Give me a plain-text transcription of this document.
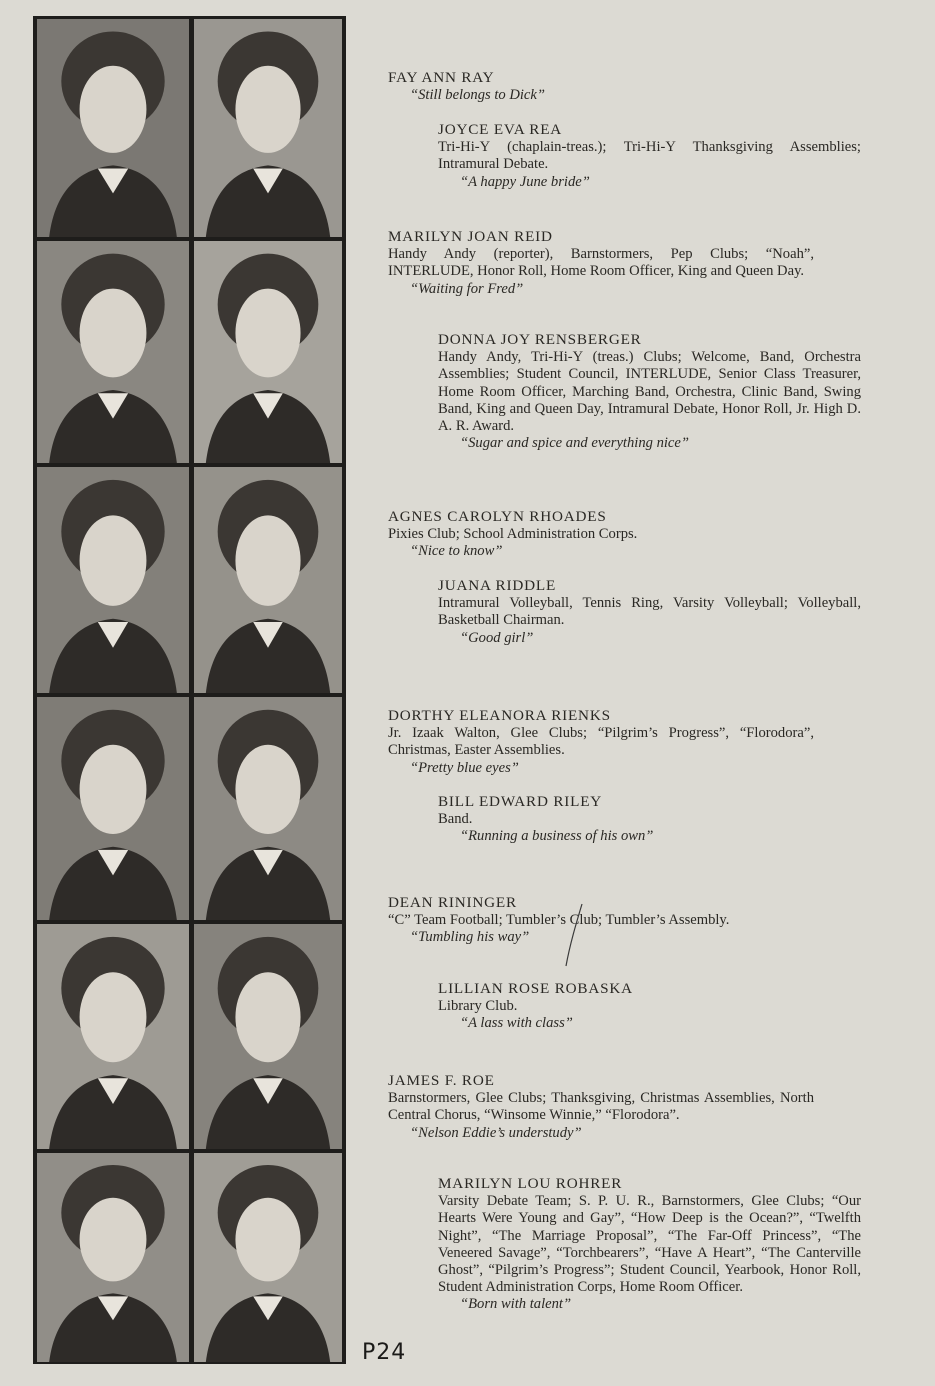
FAY ANN RAY
“Still belongs to Dick”
JOYCE EVA REA
Tri-Hi-Y (chaplain-treas.); Tri-Hi-Y Thanksgiving Assemblies; Intramural Debate.
“A happy June bride”
MARILYN JOAN REID
Handy Andy (reporter), Barnstormers, Pep Clubs; “Noah”, INTERLUDE, Honor Roll, Home Room Officer, King and Queen Day.
“Waiting for Fred”
DONNA JOY RENSBERGER
Handy Andy, Tri-Hi-Y (treas.) Clubs; Welcome, Band, Orchestra Assemblies; Student Council, INTERLUDE, Senior Class Treasurer, Home Room Officer, Marching Band, Orchestra, Clinic Band, Swing Band, King and Queen Day, Intramural Debate, Honor Roll, Jr. High D. A. R. Award.
“Sugar and spice and everything nice”
AGNES CAROLYN RHOADES
Pixies Club; School Administration Corps.
“Nice to know”
JUANA RIDDLE
Intramural Volleyball, Tennis Ring, Varsity Volleyball; Volleyball, Basketball Chairman.
“Good girl”
DORTHY ELEANORA RIENKS
Jr. Izaak Walton, Glee Clubs; “Pilgrim’s Progress”, “Florodora”, Christmas, Easter Assemblies.
“Pretty blue eyes”
BILL EDWARD RILEY
Band.
“Running a business of his own”
DEAN RININGER
“C” Team Football; Tumbler’s Club; Tumbler’s Assembly.
“Tumbling his way”
LILLIAN ROSE ROBASKA
Library Club.
“A lass with class”
JAMES F. ROE
Barnstormers, Glee Clubs; Thanksgiving, Christmas Assemblies, North Central Chorus, “Winsome Winnie,” “Florodora”.
“Nelson Eddie’s understudy”
MARILYN LOU ROHRER
Varsity Debate Team; S. P. U. R., Barnstormers, Glee Clubs; “Our Hearts Were Young and Gay”, “How Deep is the Ocean?”, “Twelfth Night”, “The Marriage Proposal”, “The Far-Off Princess”, “The Veneered Savage”, “Torchbearers”, “Have A Heart”, “The Canterville Ghost”, “Pilgrim’s Progress”; Student Council, Yearbook, Honor Roll, Student Administration Corps, Home Room Officer.
“Born with talent”
P24
